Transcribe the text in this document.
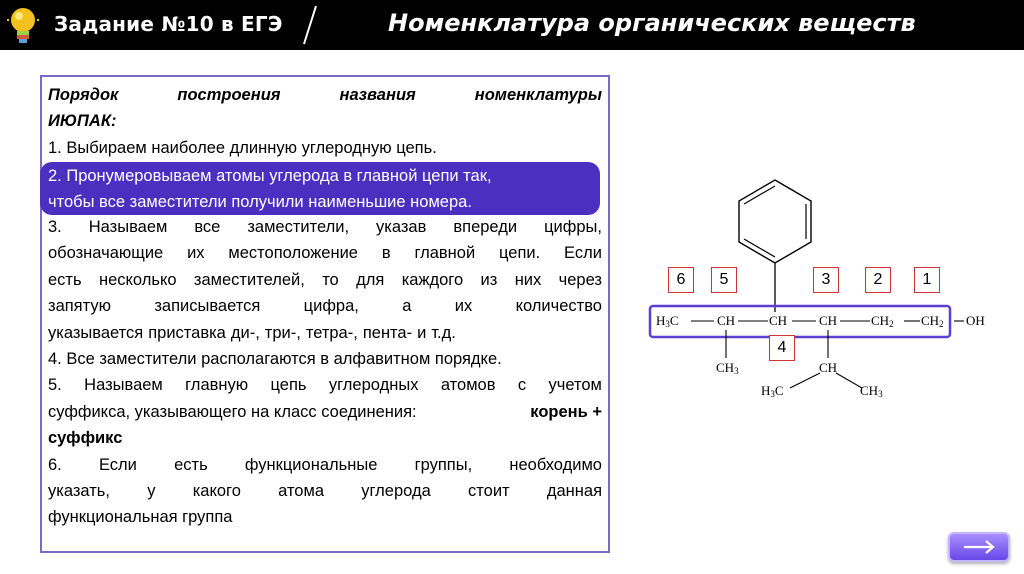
Задание №10 в ЕГЭ	Номенклатура органических веществ
Порядок	построения	названия	номенклатуры
ИЮПАК:
1. Выбираем наиболее длинную углеродную цепь.
3. Называем все заместители, указав впереди цифры,
обозначающие их местоположение в главной цепи. Если
есть несколько заместителей, то для каждого из них через
запятую	записывается	цифра,	а	их	количество
указывается приставка ди-, три-, тетра-, пента- и т.д.
4. Все заместители располагаются в алфавитном порядке.
5. Называем главную цепь углеродных атомов с учетом
суффикса, указывающего на класс соединения:	корень +
суффикс
6. Если есть функциональные группы, необходимо
указать, у какого атома углерода стоит данная
функциональная группа
2. Пронумеровываем атомы углерода в главной цепи так,
чтобы все заместители получили наименьшие номера.
6	5	3	2	1
4
$H_3C$	CH	CH CH	$CH_2$ $CH_2$ OH
$CH_3$	CH
$H_3C$	$CH_3$
